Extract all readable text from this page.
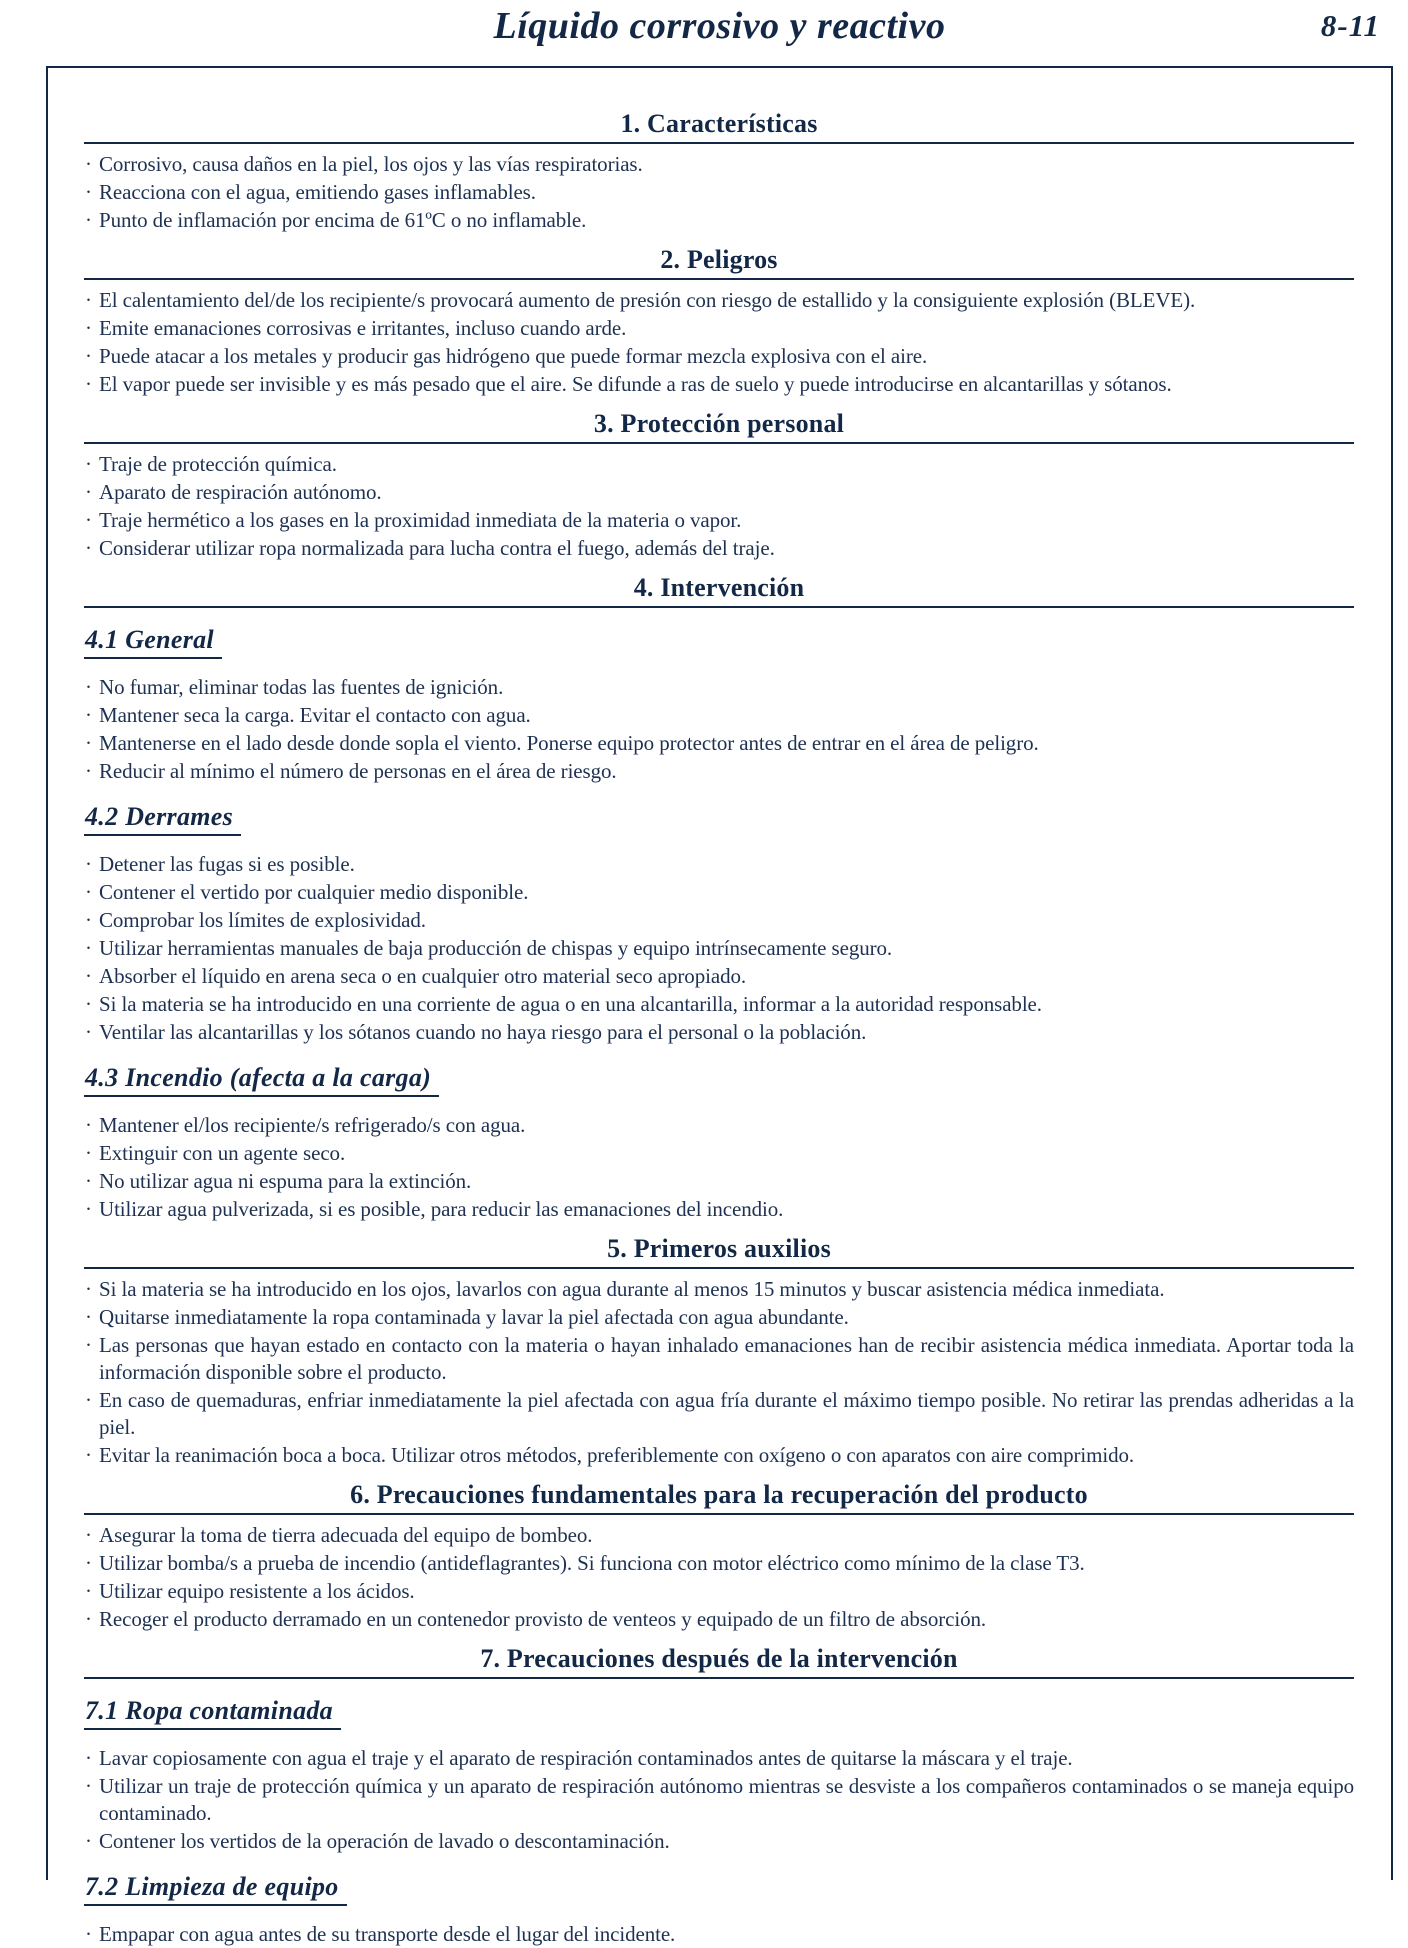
Líquido corrosivo y reactivo	8-11
1. Características
· Corrosivo, causa daños en la piel, los ojos y las vías respiratorias.
· Reacciona con el agua, emitiendo gases inflamables.
· Punto de inflamación por encima de 61ºC o no inflamable.
2. Peligros
· El calentamiento del/de los recipiente/s provocará aumento de presión con riesgo de estallido y la consiguiente explosión (BLEVE).
· Emite emanaciones corrosivas e irritantes, incluso cuando arde.
· Puede atacar a los metales y producir gas hidrógeno que puede formar mezcla explosiva con el aire.
· El vapor puede ser invisible y es más pesado que el aire. Se difunde a ras de suelo y puede introducirse en alcantarillas y sótanos.
3. Protección personal
· Traje de protección química.
· Aparato de respiración autónomo.
· Traje hermético a los gases en la proximidad inmediata de la materia o vapor.
· Considerar utilizar ropa normalizada para lucha contra el fuego, además del traje.
4. Intervención
4.1 General
· No fumar, eliminar todas las fuentes de ignición.
· Mantener seca la carga. Evitar el contacto con agua.
· Mantenerse en el lado desde donde sopla el viento. Ponerse equipo protector antes de entrar en el área de peligro.
· Reducir al mínimo el número de personas en el área de riesgo.
4.2 Derrames
· Detener las fugas si es posible.
· Contener el vertido por cualquier medio disponible.
· Comprobar los límites de explosividad.
· Utilizar herramientas manuales de baja producción de chispas y equipo intrínsecamente seguro.
· Absorber el líquido en arena seca o en cualquier otro material seco apropiado.
· Si la materia se ha introducido en una corriente de agua o en una alcantarilla, informar a la autoridad responsable.
· Ventilar las alcantarillas y los sótanos cuando no haya riesgo para el personal o la población.
4.3 Incendio (afecta a la carga)
· Mantener el/los recipiente/s refrigerado/s con agua.
· Extinguir con un agente seco.
· No utilizar agua ni espuma para la extinción.
· Utilizar agua pulverizada, si es posible, para reducir las emanaciones del incendio.
5. Primeros auxilios
· Si la materia se ha introducido en los ojos, lavarlos con agua durante al menos 15 minutos y buscar asistencia médica inmediata.
· Quitarse inmediatamente la ropa contaminada y lavar la piel afectada con agua abundante.
· Las personas que hayan estado en contacto con la materia o hayan inhalado emanaciones han de recibir asistencia médica inmediata. Aportar toda la información disponible sobre el producto.
· En caso de quemaduras, enfriar inmediatamente la piel afectada con agua fría durante el máximo tiempo posible. No retirar las prendas adheridas a la piel.
· Evitar la reanimación boca a boca. Utilizar otros métodos, preferiblemente con oxígeno o con aparatos con aire comprimido.
6. Precauciones fundamentales para la recuperación del producto
· Asegurar la toma de tierra adecuada del equipo de bombeo.
· Utilizar bomba/s a prueba de incendio (antideflagrantes). Si funciona con motor eléctrico como mínimo de la clase T3.
· Utilizar equipo resistente a los ácidos.
· Recoger el producto derramado en un contenedor provisto de venteos y equipado de un filtro de absorción.
7. Precauciones después de la intervención
7.1 Ropa contaminada
· Lavar copiosamente con agua el traje y el aparato de respiración contaminados antes de quitarse la máscara y el traje.
· Utilizar un traje de protección química y un aparato de respiración autónomo mientras se desviste a los compañeros contaminados o se maneja equipo contaminado.
· Contener los vertidos de la operación de lavado o descontaminación.
7.2 Limpieza de equipo
· Empapar con agua antes de su transporte desde el lugar del incidente.
